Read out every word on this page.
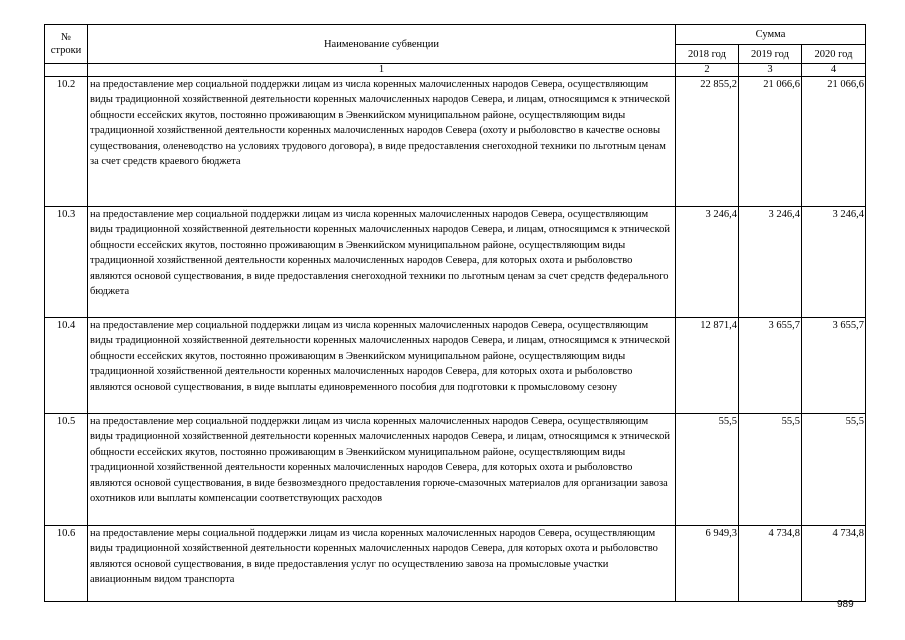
№
строки	Наименование субвенции	Сумма		
		2018 год	2019 год	2020 год
	1	2	3	4
10.2	на предоставление мер социальной поддержки лицам из числа коренных малочисленных народов Севера, осуществляющим виды традиционной хозяйственной деятельности коренных малочисленных народов Севера, и лицам, относящимся к этнической общности ессейских якутов, постоянно проживающим в Эвенкийском муниципальном районе, осуществляющим виды традиционной хозяйственной деятельности коренных малочисленных народов Севера (охоту и рыболовство в качестве основы существования, оленеводство на условиях трудового договора), в виде предоставления снегоходной техники по льготным ценам за счет средств краевого бюджета	22 855,2	21 066,6	21 066,6
10.3	на предоставление мер социальной поддержки лицам из числа коренных малочисленных народов Севера, осуществляющим виды традиционной хозяйственной деятельности коренных малочисленных народов Севера, и лицам, относящимся к этнической общности ессейских якутов, постоянно проживающим в Эвенкийском муниципальном районе, осуществляющим виды традиционной хозяйственной деятельности коренных малочисленных народов Севера, для которых охота и рыболовство являются основой существования, в виде предоставления снегоходной техники по льготным ценам за счет средств федерального бюджета	3 246,4	3 246,4	3 246,4
10.4	на предоставление мер социальной поддержки лицам из числа коренных малочисленных народов Севера, осуществляющим виды традиционной хозяйственной деятельности коренных малочисленных народов Севера, и лицам, относящимся к этнической общности ессейских якутов, постоянно проживающим в Эвенкийском муниципальном районе, осуществляющим виды традиционной хозяйственной деятельности коренных малочисленных народов Севера, для которых охота и рыболовство являются основой существования, в виде выплаты единовременного пособия для подготовки к промысловому сезону	12 871,4	3 655,7	3 655,7
10.5	на предоставление мер социальной поддержки лицам из числа коренных малочисленных народов Севера, осуществляющим виды традиционной хозяйственной деятельности коренных малочисленных народов Севера, и лицам, относящимся к этнической общности ессейских якутов, постоянно проживающим в Эвенкийском муниципальном районе, осуществляющим виды традиционной хозяйственной деятельности коренных малочисленных народов Севера, для которых охота и рыболовство являются основой существования, в виде безвозмездного предоставления горюче-смазочных материалов для организации завоза охотников или выплаты компенсации соответствующих расходов	55,5	55,5	55,5
10.6	на предоставление меры социальной поддержки лицам из числа коренных малочисленных народов Севера, осуществляющим виды традиционной хозяйственной деятельности коренных малочисленных народов Севера, для которых охота и рыболовство являются основой существования, в виде предоставления услуг по осуществлению завоза на промысловые участки авиационным видом транспорта	6 949,3	4 734,8	4 734,8
989
